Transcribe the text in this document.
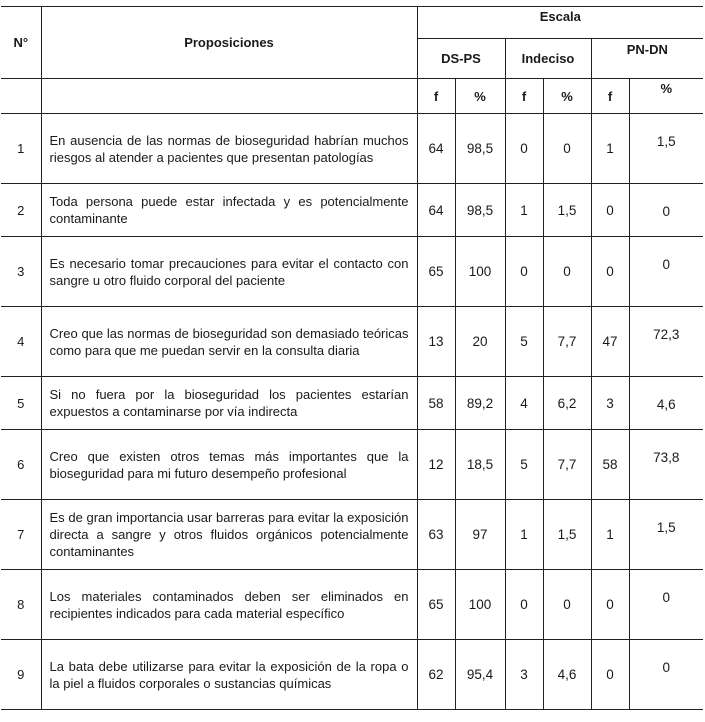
N°	Proposiciones	Escala					
		DS-PS		Indeciso		PN-DN	
		f	%	f	%	f	%
1	En ausencia de las normas de bioseguridad habrían muchos riesgos al atender a pacientes que presentan patologías	64	98,5	0	0	1	1,5
2	Toda persona puede estar infectada y es potencialmente contaminante	64	98,5	1	1,5	0	0
3	Es necesario tomar precauciones para evitar el contacto con sangre u otro fluido corporal del paciente	65	100	0	0	0	0
4	Creo que las normas de bioseguridad son demasiado teóricas como para que me puedan servir en la consulta diaria	13	20	5	7,7	47	72,3
5	Si no fuera por la bioseguridad los pacientes estarían expuestos a contaminarse por vía indirecta	58	89,2	4	6,2	3	4,6
6	Creo que existen otros temas más importantes que la bioseguridad para mi futuro desempeño profesional	12	18,5	5	7,7	58	73,8
7	Es de gran importancia usar barreras para evitar la exposición directa a sangre y otros fluidos orgánicos potencialmente contaminantes	63	97	1	1,5	1	1,5
8	Los materiales contaminados deben ser eliminados en recipientes indicados para cada material específico	65	100	0	0	0	0
9	La bata debe utilizarse para evitar la exposición de la ropa o la piel a fluidos corporales o sustancias químicas	62	95,4	3	4,6	0	0
